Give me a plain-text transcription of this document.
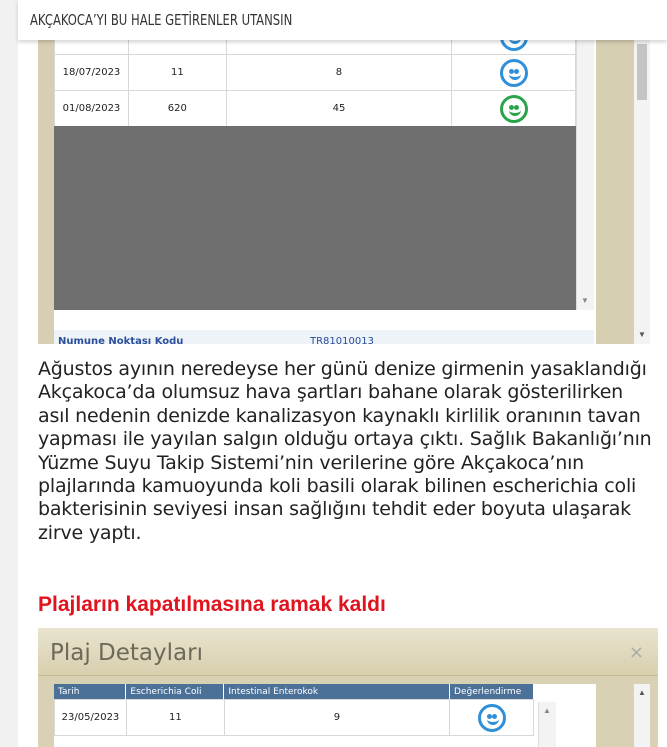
AKÇAKOCA’YI BU HALE GETİRENLER UTANSIN

18/07/2023	11	8	

01/08/2023	620	45	
▼
Numune Noktası Kodu	TR81010013
▼

Ağustos ayının neredeyse her günü denize girmenin yasaklandığı Akçakoca’da olumsuz hava şartları bahane olarak gösterilirken asıl nedenin denizde kanalizasyon kaynaklı kirlilik oranının tavan yapması ile yayılan salgın olduğu ortaya çıktı. Sağlık Bakanlığı’nın Yüzme Suyu Takip Sistemi’nin verilerine göre Akçakoca’nın plajlarında kamuoyunda koli basili olarak bilinen escherichia coli bakterisinin seviyesi insan sağlığını tehdit eder boyuta ulaşarak zirve yaptı.

Plajların kapatılmasına ramak kaldı
Plaj Detayları	×
Tarih	Escherichia Coli	Intestinal Enterokok	Değerlendirme
23/05/2023	11	9	
▲
▲
